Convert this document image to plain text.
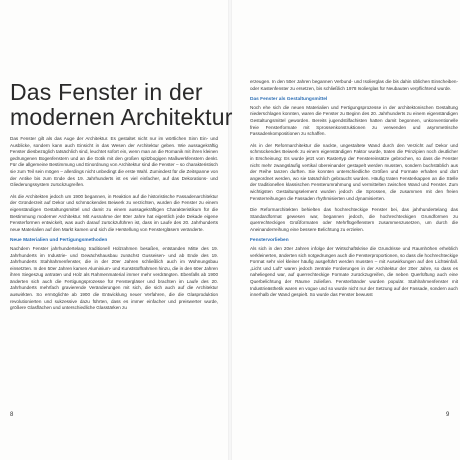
Das Fenster in der
modernen Architektur

Das Fenster gilt als das Auge der Architektur. Es gestaltet nicht nur im wörtlichen Sinn Ein- und Ausblicke, sondern kann auch Einsicht in das Wesen der Architektur geben. Wie aussagekräftig Fenster diesbezüglich tatsächlich sind, leuchtet sofort ein, wenn man an die Romanik mit ihren kleinen gedrungenen Bogenfenstern und an die Gotik mit den großen spitzbogigen Maßwerkfenstern denkt. Für die allgemeine Bestimmung und Einordnung von Architektur sind die Fenster – so charakteristisch sie zum Teil sein mögen – allerdings nicht unbedingt die erste Wahl. Zumindest für die Zeitspanne von der Antike bis zum Ende des 19. Jahrhunderts ist es viel einfacher, auf das Dekorations- und Gliederungssystem zurückzugreifen.

Als die Architekten jedoch um 1900 begannen, in Reaktion auf die historistische Fassadenarchitektur der Gründerzeit auf Dekor und schmückendes Beiwerk zu verzichten, wurden die Fenster zu einem eigenständigen Gestaltungsmittel und damit zu einem aussagekräftigen Charakteristikum für die Bestimmung moderner Architektur. Mit Ausnahme der 80er Jahre hat eigentlich jede Dekade eigene Fensterformen entwickelt, was auch darauf zurückzuführen ist, dass im Laufe des 20. Jahrhunderts neue Materialien auf den Markt kamen und sich die Herstellung von Fenstergläsern veränderte.

Neue Materialien und Fertigungsmethoden

Nachdem Fenster jahrhundertelang traditionell Holzrahmen besaßen, entstanden Mitte des 19. Jahrhunderts im Industrie- und Gewächshausbau zunächst Gusseisen- und ab Ende des 19. Jahrhunderts Stahlrahmenfenster, die in der 20er Jahren schließlich auch im Wohnungsbau einsetzten. In den 50er Jahren kamen Aluminium- und Kunststoffrahmen hinzu, die in den 60er Jahren ihren Siegeszug antraten und Holz als Rahmenmaterial immer mehr verdrängten. Ebenfalls ab 1900 änderten sich auch die Fertigungsprozesse für Fenstergläser und brachten im Laufe des 20. Jahrhunderts mehrfach gravierende Veränderungen mit sich, die sich auch auf die Architektur auswirkten. So ermöglichte ab 1900 die Entwicklung neuer Verfahren, die die Glasproduktion revolutionierten und sukzessive dazu führten, dass es immer einfacher und preiswerter wurde, größere Glasflächen und unterschiedliche Glasstärken zu

8

erzeugen. In den 50er Jahren begannen Verbund- und Isolierglas die bis dahin üblichen Einscheiben- oder Kastenfenster zu ersetzen, bis schließlich 1978 Isolierglas für Neubauten verpflichtend wurde.

Das Fenster als Gestaltungsmittel

Noch ehe sich die neuen Materialien und Fertigungsprozesse in der architektonischen Gestaltung niederschlagen konnten, waren die Fenster zu Beginn des 20. Jahrhunderts zu einem eigenständigen Gestaltungsmittel geworden. Bereits jugendstilfachisten hatten damit begonnen, unkonventionelle freie Fensterformate mit Sprossenkonstruktionen zu verwenden und asymmetrische Fassadenkompositionen zu schaffen.

Als in der Reformarchitektur die nackte, ungestaltete Wand durch den Verzicht auf Dekor und schmückendes Beiwerk zu einem eigenständigen Faktor wurde, traten die Prinzipien noch deutlicher in Erscheinung: Es wurde jetzt vom Rastertyp der Fenstereinsätze gebrochen, so dass die Fenster nicht mehr zwangsläufig vertikal übereinander gestapelt werden mussten, sondern buchstäblich aus der Reihe tanzen durften. Sie konnten unterschiedliche Größen und Formate erhalten und dort angeordnet werden, wo sie tatsächlich gebraucht wurden. Häufig traten Fensterkappen an die Stelle der traditionellen klassischen Fensterumrahmung und vermittelten zwischen Wand und Fenster. Zum wichtigsten Gestaltungselement wurden jedoch die Sprossen, die zusammen mit den freien Fensterreihungen die Fassaden rhythmisierten und dynamisierten.

Die Reformarchitekten behielten das hochrechteckige Fenster bei, das jahrhundertelang das Standardformat gewesen war, begannen jedoch, die hochrechteckigen Grundformen zu querrechteckigen Großformaten oder Mehrflügelfenstern zusammenzusetzen, um durch die Aneinanderreihung eine bessere Belichtung zu erzielen.

Fenstervorlieben

Als sich in den 20er Jahren infolge der Wirtschaftskrise die Grundrisse und Raumhöhen erheblich verkleinerten, änderten sich notgedrungen auch die Fensterproportionen, so dass die hochrechteckige Format sehr viel kleiner häufig ausgeführt werden mussten – mit Auswirkungen auf den Lichteinfall. „Licht und Luft“ waren jedoch zentrale Forderungen in der Architektur der 20er Jahre, so dass es naheliegend war, auf querrechteckige Formate zurückzugreifen, die neben Querlüftung auch eine Querbelichtung der Räume zuließen. Fensterbänder wurden populär. Stahlrahmenfenster mit Industrieästhetik waren en vogue und so wurde nicht nur der Setzung auf der Fassade, sondern auch innerhalb der Wand gespielt. So wurde das Fenster bewusst

9
